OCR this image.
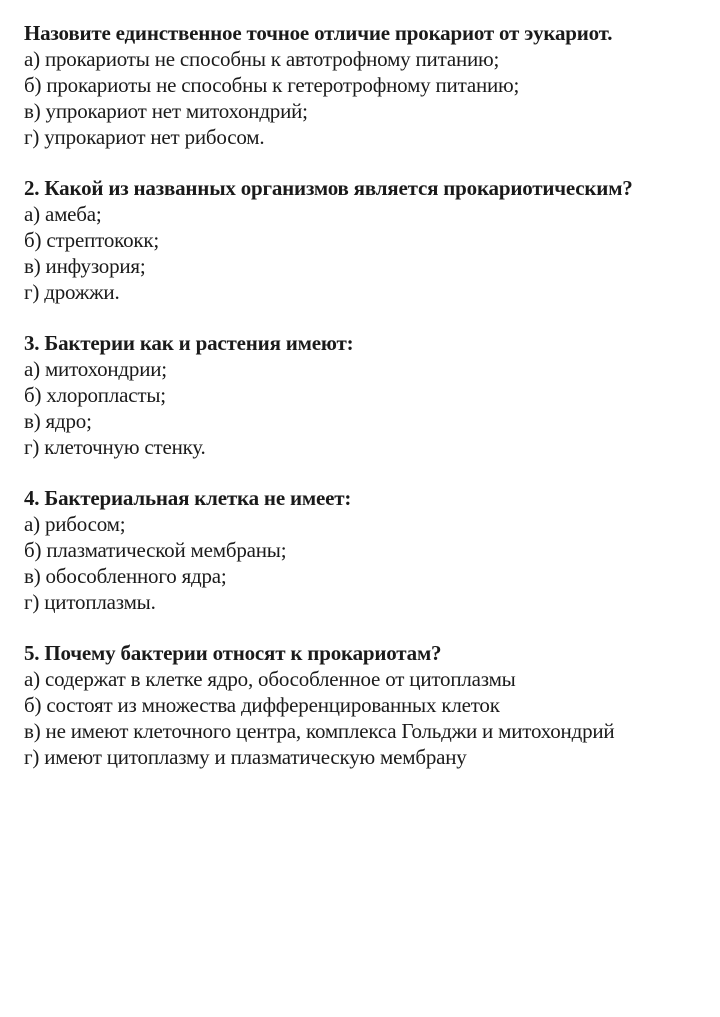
Назовите единственное точное отличие прокариот от эукариот.
а) прокариоты не способны к автотрофному питанию;
б) прокариоты не способны к гетеротрофному питанию;
в) упрокариот нет митохондрий;
г) упрокариот нет рибосом.
2. Какой из названных организмов является прокариотическим?
а) амеба;
б) стрептококк;
в) инфузория;
г) дрожжи.
3. Бактерии как и растения имеют:
а) митохондрии;
б) хлоропласты;
в) ядро;
г) клеточную стенку.
4. Бактериальная клетка не имеет:
а) рибосом;
б) плазматической мембраны;
в) обособленного ядра;
г) цитоплазмы.
5. Почему бактерии относят к прокариотам?
а) содержат в клетке ядро, обособленное от цитоплазмы
б) состоят из множества дифференцированных клеток
в) не имеют клеточного центра, комплекса Гольджи и митохондрий
г) имеют цитоплазму и плазматическую мембрану
